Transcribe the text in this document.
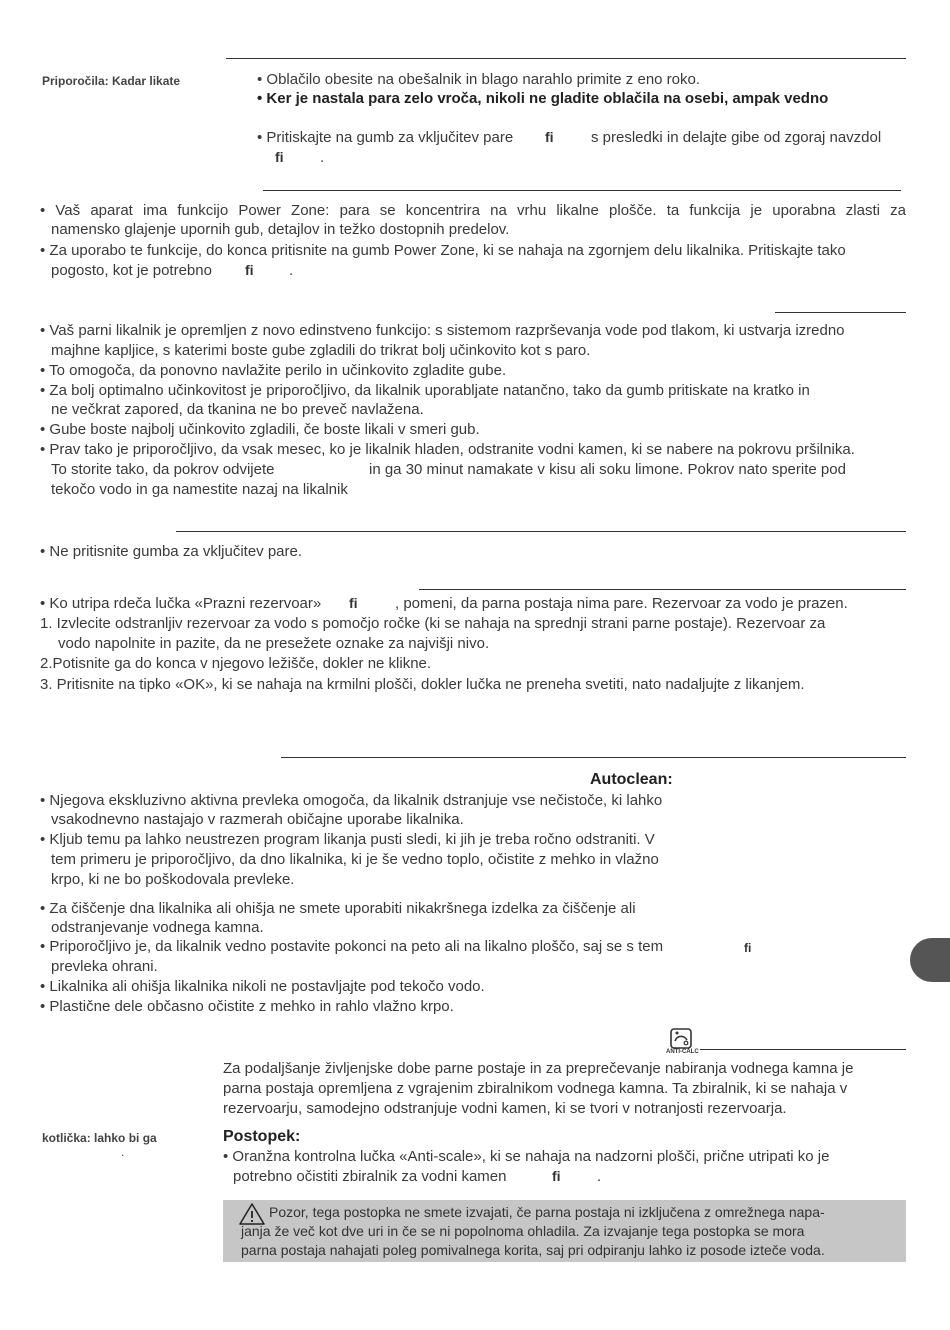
Priporočila: Kadar likate	• Oblačilo obesite na obešalnik in blago narahlo primite z eno roko.
• Ker je nastala para zelo vroča, nikoli ne gladite oblačila na osebi, ampak vedno
• Pritiskajte na gumb za vključitev pare ﬁ s presledki in delajte gibe od zgoraj navzdol
ﬁ .
• Vaš aparat ima funkcijo Power Zone: para se koncentrira na vrhu likalne plošče. ta funkcija je uporabna zlasti za
namensko glajenje upornih gub, detajlov in težko dostopnih predelov.
• Za uporabo te funkcije, do konca pritisnite na gumb Power Zone, ki se nahaja na zgornjem delu likalnika. Pritiskajte tako
pogosto, kot je potrebno ﬁ .
• Vaš parni likalnik je opremljen z novo edinstveno funkcijo: s sistemom razprševanja vode pod tlakom, ki ustvarja izredno
majhne kapljice, s katerimi boste gube zgladili do trikrat bolj učinkovito kot s paro.
• To omogoča, da ponovno navlažite perilo in učinkovito zgladite gube.
• Za bolj optimalno učinkovitost je priporočljivo, da likalnik uporabljate natančno, tako da gumb pritiskate na kratko in
ne večkrat zapored, da tkanina ne bo preveč navlažena.
• Gube boste najbolj učinkovito zgladili, če boste likali v smeri gub.
• Prav tako je priporočljivo, da vsak mesec, ko je likalnik hladen, odstranite vodni kamen, ki se nabere na pokrovu pršilnika.
To storite tako, da pokrov odvijete	in ga 30 minut namakate v kisu ali soku limone. Pokrov nato sperite pod
tekočo vodo in ga namestite nazaj na likalnik
• Ne pritisnite gumba za vključitev pare.
• Ko utripa rdeča lučka «Prazni rezervoar» ﬁ , pomeni, da parna postaja nima pare. Rezervoar za vodo je prazen.
1. Izvlecite odstranljiv rezervoar za vodo s pomočjo ročke (ki se nahaja na sprednji strani parne postaje). Rezervoar za
vodo napolnite in pazite, da ne presežete oznake za najvišji nivo.
2.Potisnite ga do konca v njegovo ležišče, dokler ne klikne.
3. Pritisnite na tipko «OK», ki se nahaja na krmilni plošči, dokler lučka ne preneha svetiti, nato nadaljujte z likanjem.
Autoclean:
• Njegova ekskluzivno aktivna prevleka omogoča, da likalnik dstranjuje vse nečistoče, ki lahko
vsakodnevno nastajajo v razmerah običajne uporabe likalnika.
• Kljub temu pa lahko neustrezen program likanja pusti sledi, ki jih je treba ročno odstraniti. V
tem primeru je priporočljivo, da dno likalnika, ki je še vedno toplo, očistite z mehko in vlažno
krpo, ki ne bo poškodovala prevleke.
• Za čiščenje dna likalnika ali ohišja ne smete uporabiti nikakršnega izdelka za čiščenje ali
odstranjevanje vodnega kamna.
• Priporočljivo je, da likalnik vedno postavite pokonci na peto ali na likalno ploščo, saj se s tem	ﬁ
prevleka ohrani.
• Likalnika ali ohišja likalnika nikoli ne postavljajte pod tekočo vodo.
• Plastične dele občasno očistite z mehko in rahlo vlažno krpo.
ANTI-CALC
Za podaljšanje življenjske dobe parne postaje in za preprečevanje nabiranja vodnega kamna je
parna postaja opremljena z vgrajenim zbiralnikom vodnega kamna. Ta zbiralnik, ki se nahaja v
rezervoarju, samodejno odstranjuje vodni kamen, ki se tvori v notranjosti rezervoarja.
kotlička: lahko bi ga
.
Postopek:
• Oranžna kontrolna lučka «Anti-scale», ki se nahaja na nadzorni plošči, prične utripati ko je
potrebno očistiti zbiralnik za vodni kamen	ﬁ .
Pozor, tega postopka ne smete izvajati, če parna postaja ni izključena z omrežnega napa-
janja že več kot dve uri in če se ni popolnoma ohladila. Za izvajanje tega postopka se mora
parna postaja nahajati poleg pomivalnega korita, saj pri odpiranju lahko iz posode izteče voda.
